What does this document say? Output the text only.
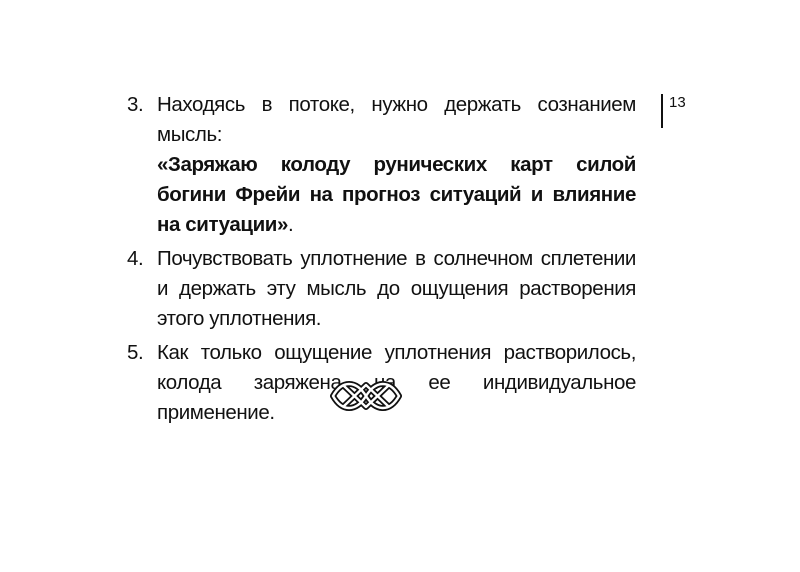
13
3. Находясь в потоке, нужно держать сознанием мысль:
«Заряжаю колоду рунических карт силой богини Фрейи на прогноз ситуаций и влияние на ситуации».
4. Почувствовать уплотнение в солнечном сплетении и держать эту мысль до ощущения растворения этого уплотнения.
5. Как только ощущение уплотнения растворилось, колода заряжена на ее индивидуальное применение.
